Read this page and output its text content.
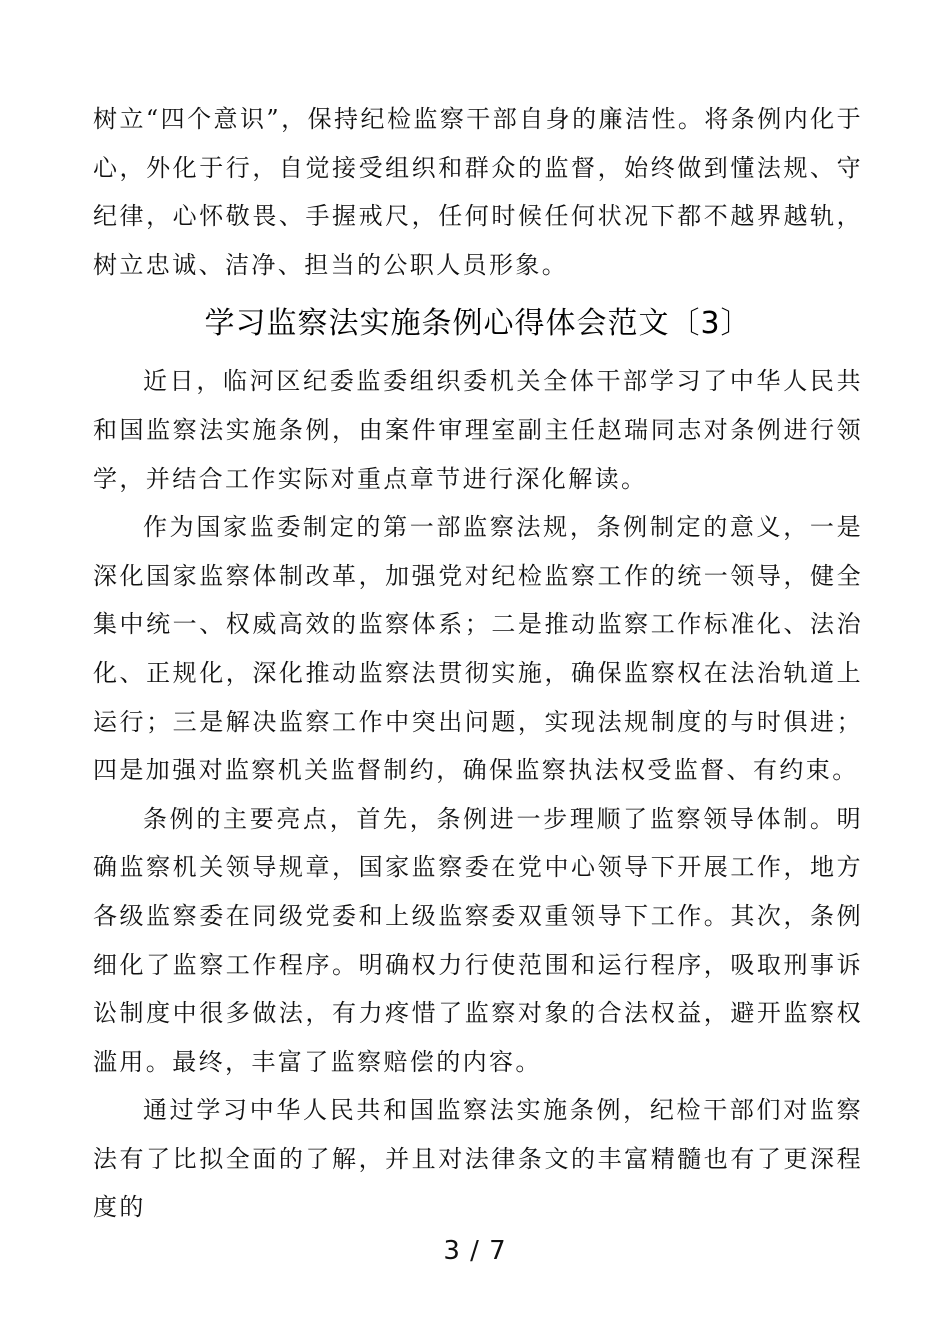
树立“四个意识”，保持纪检监察干部自身的廉洁性。将条例内化于心，外化于行，自觉接受组织和群众的监督，始终做到懂法规、守纪律，心怀敬畏、手握戒尺，任何时候任何状况下都不越界越轨，树立忠诚、洁净、担当的公职人员形象。

学习监察法实施条例心得体会范文〔3〕

近日，临河区纪委监委组织委机关全体干部学习了中华人民共和国监察法实施条例，由案件审理室副主任赵瑞同志对条例进行领学，并结合工作实际对重点章节进行深化解读。

作为国家监委制定的第一部监察法规，条例制定的意义，一是深化国家监察体制改革，加强党对纪检监察工作的统一领导，健全集中统一、权威高效的监察体系；二是推动监察工作标准化、法治化、正规化，深化推动监察法贯彻实施，确保监察权在法治轨道上运行；三是解决监察工作中突出问题，实现法规制度的与时俱进；四是加强对监察机关监督制约，确保监察执法权受监督、有约束。

条例的主要亮点，首先，条例进一步理顺了监察领导体制。明确监察机关领导规章，国家监察委在党中心领导下开展工作，地方各级监察委在同级党委和上级监察委双重领导下工作。其次，条例细化了监察工作程序。明确权力行使范围和运行程序，吸取刑事诉讼制度中很多做法，有力疼惜了监察对象的合法权益，避开监察权滥用。最终，丰富了监察赔偿的内容。

通过学习中华人民共和国监察法实施条例，纪检干部们对监察法有了比拟全面的了解，并且对法律条文的丰富精髓也有了更深程度的

3 / 7
